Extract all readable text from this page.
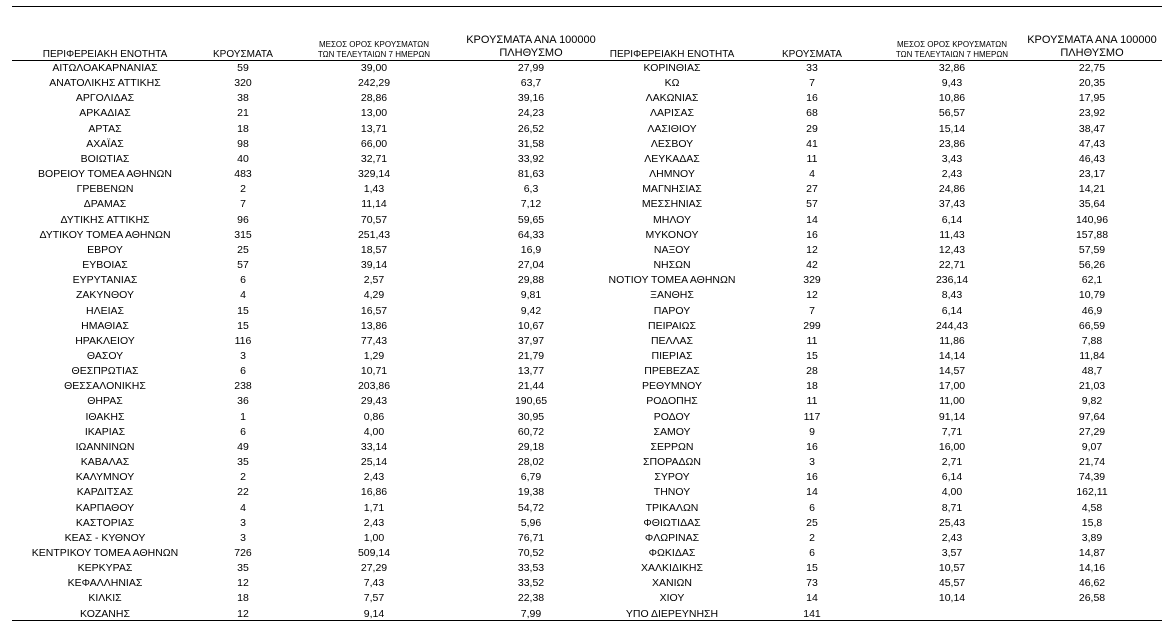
ΠΕΡΙΦΕΡΕΙΑΚΗ ΕΝΟΤΗΤΑ	ΚΡΟΥΣΜΑΤΑ
ΜΕΣΟΣ ΟΡΟΣ ΚΡΟΥΣΜΑΤΩΝ
ΤΩΝ ΤΕΛΕΥΤΑΙΩΝ 7 ΗΜΕΡΩΝ
ΚΡΟΥΣΜΑΤΑ ΑΝΑ 100000
ΠΛΗΘΥΣΜΟ
ΑΙΤΩΛΟΑΚΑΡΝΑΝΙΑΣ	59	39,00	27,99
ΑΝΑΤΟΛΙΚΗΣ ΑΤΤΙΚΗΣ	320	242,29	63,7
ΑΡΓΟΛΙΔΑΣ	38	28,86	39,16
ΑΡΚΑΔΙΑΣ	21	13,00	24,23
ΑΡΤΑΣ	18	13,71	26,52
ΑΧΑΪΑΣ	98	66,00	31,58
ΒΟΙΩΤΙΑΣ	40	32,71	33,92
ΒΟΡΕΙΟΥ ΤΟΜΕΑ ΑΘΗΝΩΝ	483	329,14	81,63
ΓΡΕΒΕΝΩΝ	2	1,43	6,3
ΔΡΑΜΑΣ	7	11,14	7,12
ΔΥΤΙΚΗΣ ΑΤΤΙΚΗΣ	96	70,57	59,65
ΔΥΤΙΚΟΥ ΤΟΜΕΑ ΑΘΗΝΩΝ	315	251,43	64,33
ΕΒΡΟΥ	25	18,57	16,9
ΕΥΒΟΙΑΣ	57	39,14	27,04
ΕΥΡΥΤΑΝΙΑΣ	6	2,57	29,88
ΖΑΚΥΝΘΟΥ	4	4,29	9,81
ΗΛΕΙΑΣ	15	16,57	9,42
ΗΜΑΘΙΑΣ	15	13,86	10,67
ΗΡΑΚΛΕΙΟΥ	116	77,43	37,97
ΘΑΣΟΥ	3	1,29	21,79
ΘΕΣΠΡΩΤΙΑΣ	6	10,71	13,77
ΘΕΣΣΑΛΟΝΙΚΗΣ	238	203,86	21,44
ΘΗΡΑΣ	36	29,43	190,65
ΙΘΑΚΗΣ	1	0,86	30,95
ΙΚΑΡΙΑΣ	6	4,00	60,72
ΙΩΑΝΝΙΝΩΝ	49	33,14	29,18
ΚΑΒΑΛΑΣ	35	25,14	28,02
ΚΑΛΥΜΝΟΥ	2	2,43	6,79
ΚΑΡΔΙΤΣΑΣ	22	16,86	19,38
ΚΑΡΠΑΘΟΥ	4	1,71	54,72
ΚΑΣΤΟΡΙΑΣ	3	2,43	5,96
ΚΕΑΣ - ΚΥΘΝΟΥ	3	1,00	76,71
ΚΕΝΤΡΙΚΟΥ ΤΟΜΕΑ ΑΘΗΝΩΝ	726	509,14	70,52
ΚΕΡΚΥΡΑΣ	35	27,29	33,53
ΚΕΦΑΛΛΗΝΙΑΣ	12	7,43	33,52
ΚΙΛΚΙΣ	18	7,57	22,38
ΚΟΖΑΝΗΣ	12	9,14	7,99
ΠΕΡΙΦΕΡΕΙΑΚΗ ΕΝΟΤΗΤΑ	ΚΡΟΥΣΜΑΤΑ
ΜΕΣΟΣ ΟΡΟΣ ΚΡΟΥΣΜΑΤΩΝ
ΤΩΝ ΤΕΛΕΥΤΑΙΩΝ 7 ΗΜΕΡΩΝ
ΚΡΟΥΣΜΑΤΑ ΑΝΑ 100000
ΠΛΗΘΥΣΜΟ
ΚΟΡΙΝΘΙΑΣ	33	32,86	22,75
ΚΩ	7	9,43	20,35
ΛΑΚΩΝΙΑΣ	16	10,86	17,95
ΛΑΡΙΣΑΣ	68	56,57	23,92
ΛΑΣΙΘΙΟΥ	29	15,14	38,47
ΛΕΣΒΟΥ	41	23,86	47,43
ΛΕΥΚΑΔΑΣ	11	3,43	46,43
ΛΗΜΝΟΥ	4	2,43	23,17
ΜΑΓΝΗΣΙΑΣ	27	24,86	14,21
ΜΕΣΣΗΝΙΑΣ	57	37,43	35,64
ΜΗΛΟΥ	14	6,14	140,96
ΜΥΚΟΝΟΥ	16	11,43	157,88
ΝΑΞΟΥ	12	12,43	57,59
ΝΗΣΩΝ	42	22,71	56,26
ΝΟΤΙΟΥ ΤΟΜΕΑ ΑΘΗΝΩΝ	329	236,14	62,1
ΞΑΝΘΗΣ	12	8,43	10,79
ΠΑΡΟΥ	7	6,14	46,9
ΠΕΙΡΑΙΩΣ	299	244,43	66,59
ΠΕΛΛΑΣ	11	11,86	7,88
ΠΙΕΡΙΑΣ	15	14,14	11,84
ΠΡΕΒΕΖΑΣ	28	14,57	48,7
ΡΕΘΥΜΝΟΥ	18	17,00	21,03
ΡΟΔΟΠΗΣ	11	11,00	9,82
ΡΟΔΟΥ	117	91,14	97,64
ΣΑΜΟΥ	9	7,71	27,29
ΣΕΡΡΩΝ	16	16,00	9,07
ΣΠΟΡΑΔΩΝ	3	2,71	21,74
ΣΥΡΟΥ	16	6,14	74,39
ΤΗΝΟΥ	14	4,00	162,11
ΤΡΙΚΑΛΩΝ	6	8,71	4,58
ΦΘΙΩΤΙΔΑΣ	25	25,43	15,8
ΦΛΩΡΙΝΑΣ	2	2,43	3,89
ΦΩΚΙΔΑΣ	6	3,57	14,87
ΧΑΛΚΙΔΙΚΗΣ	15	10,57	14,16
ΧΑΝΙΩΝ	73	45,57	46,62
ΧΙΟΥ	14	10,14	26,58
ΥΠΟ ΔΙΕΡΕΥΝΗΣΗ	141
